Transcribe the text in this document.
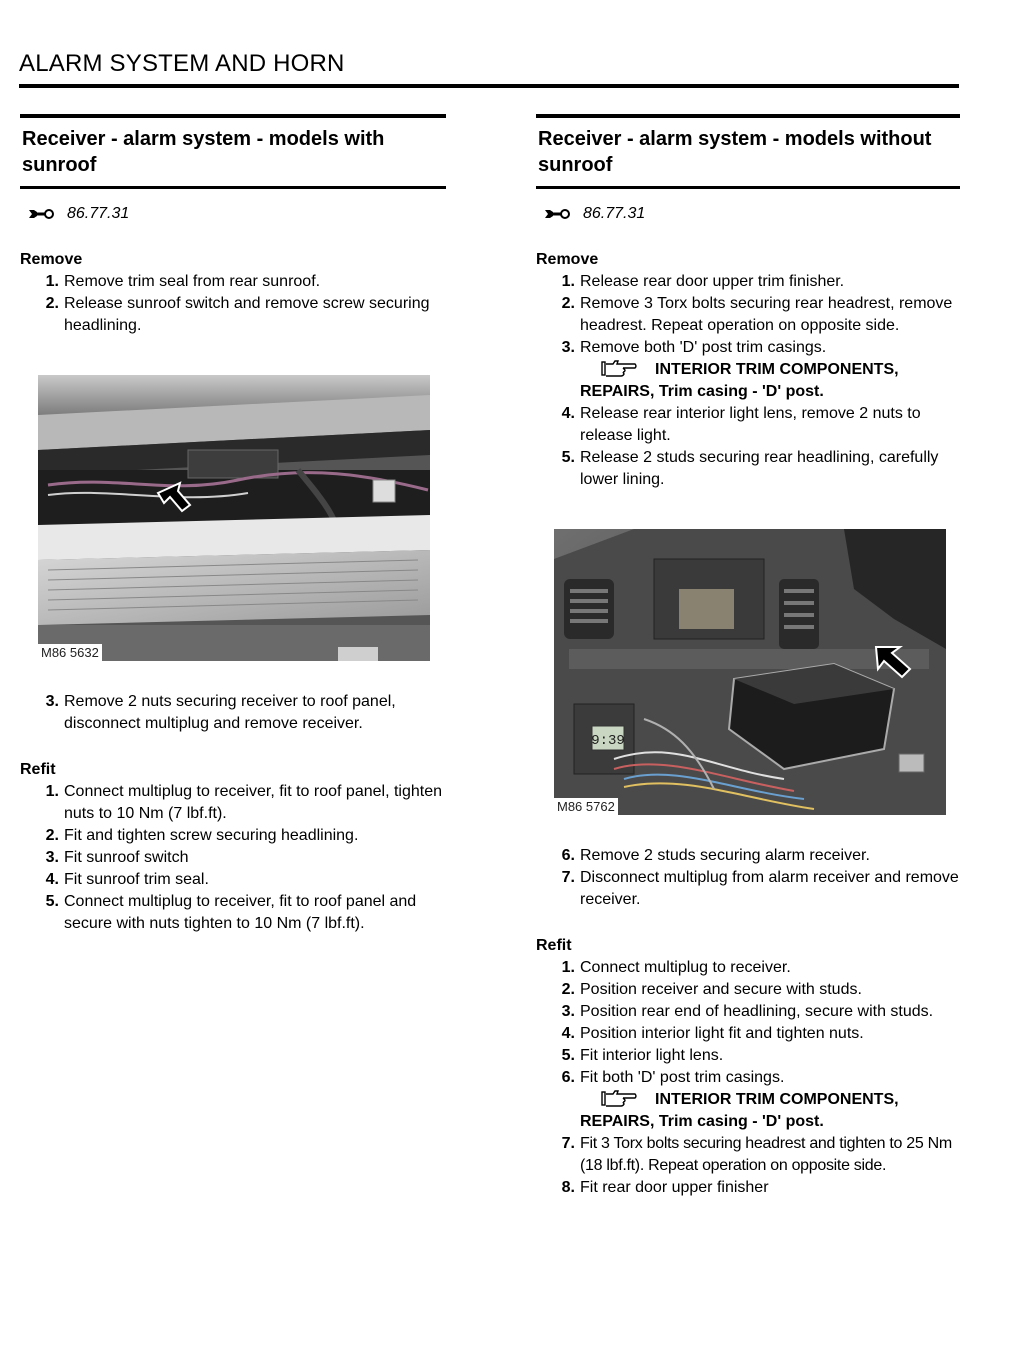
ALARM SYSTEM AND HORN
Receiver - alarm system - models with sunroof
86.77.31
Remove
1. Remove trim seal from rear sunroof.
2. Release sunroof switch and remove screw securing headlining.
M86 5632
3. Remove 2 nuts securing receiver to roof panel, disconnect multiplug and remove receiver.
Refit
1. Connect multiplug to receiver, fit to roof panel, tighten nuts to 10 Nm (7 lbf.ft).
2. Fit and tighten screw securing headlining.
3. Fit sunroof switch
4. Fit sunroof trim seal.
5. Connect multiplug to receiver, fit to roof panel and secure with nuts tighten to 10 Nm (7 lbf.ft).
Receiver - alarm system - models without sunroof
86.77.31
Remove
1. Release rear door upper trim finisher.
2. Remove 3 Torx bolts securing rear headrest, remove headrest. Repeat operation on opposite side.
3. Remove both 'D' post trim casings.
INTERIOR TRIM COMPONENTS, REPAIRS, Trim casing - 'D' post.
4. Release rear interior light lens, remove 2 nuts to release light.
5. Release 2 studs securing rear headlining, carefully lower lining.
9:39
M86 5762
6. Remove 2 studs securing alarm receiver.
7. Disconnect multiplug from alarm receiver and remove receiver.
Refit
1. Connect multiplug to receiver.
2. Position receiver and secure with studs.
3. Position rear end of headlining, secure with studs.
4. Position interior light fit and tighten nuts.
5. Fit interior light lens.
6. Fit both 'D' post trim casings.
INTERIOR TRIM COMPONENTS, REPAIRS, Trim casing - 'D' post.
7. Fit 3 Torx bolts securing headrest and tighten to 25 Nm (18 lbf.ft). Repeat operation on opposite side.
8. Fit rear door upper finisher
